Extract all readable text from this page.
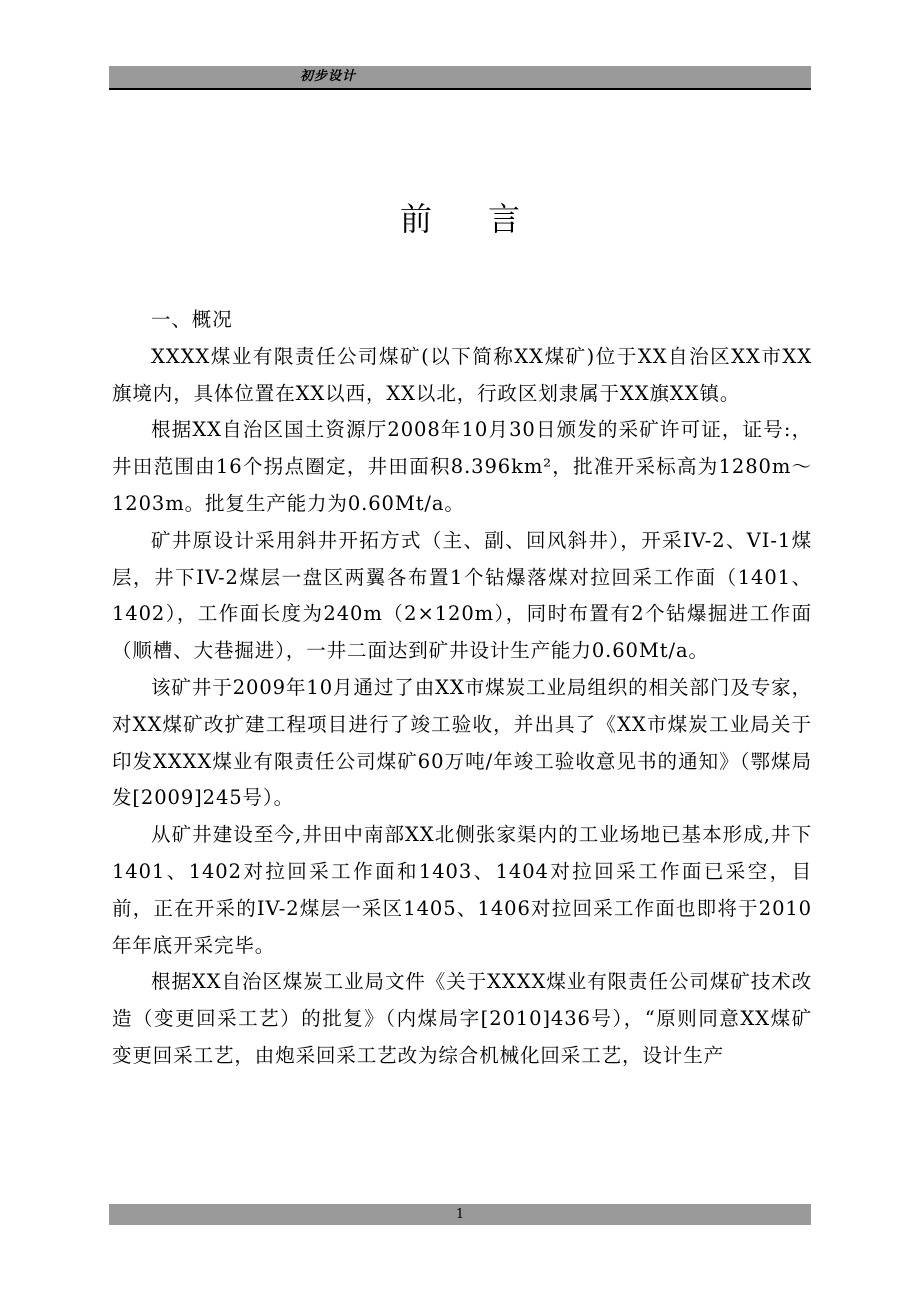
初步设计
前言

一、概况

XXXX煤业有限责任公司煤矿(以下简称XX煤矿)位于XX自治区XX市XX旗境内，具体位置在XX以西，XX以北，行政区划隶属于XX旗XX镇。

根据XX自治区国土资源厅2008年10月30日颁发的采矿许可证，证号:，井田范围由16个拐点圈定，井田面积8.396km²，批准开采标高为1280m～1203m。批复生产能力为0.60Mt/a。

矿井原设计采用斜井开拓方式（主、副、回风斜井），开采IV-2、VI-1煤层，井下IV-2煤层一盘区两翼各布置1个钻爆落煤对拉回采工作面（1401、1402），工作面长度为240m（2×120m），同时布置有2个钻爆掘进工作面（顺槽、大巷掘进），一井二面达到矿井设计生产能力0.60Mt/a。

该矿井于2009年10月通过了由XX市煤炭工业局组织的相关部门及专家，对XX煤矿改扩建工程项目进行了竣工验收，并出具了《XX市煤炭工业局关于印发XXXX煤业有限责任公司煤矿60万吨/年竣工验收意见书的通知》（鄂煤局发[2009]245号）。

从矿井建设至今,井田中南部XX北侧张家渠内的工业场地已基本形成,井下1401、1402对拉回采工作面和1403、1404对拉回采工作面已采空，目前，正在开采的IV-2煤层一采区1405、1406对拉回采工作面也即将于2010年年底开采完毕。

根据XX自治区煤炭工业局文件《关于XXXX煤业有限责任公司煤矿技术改造（变更回采工艺）的批复》（内煤局字[2010]436号），“原则同意XX煤矿变更回采工艺，由炮采回采工艺改为综合机械化回采工艺，设计生产

1
